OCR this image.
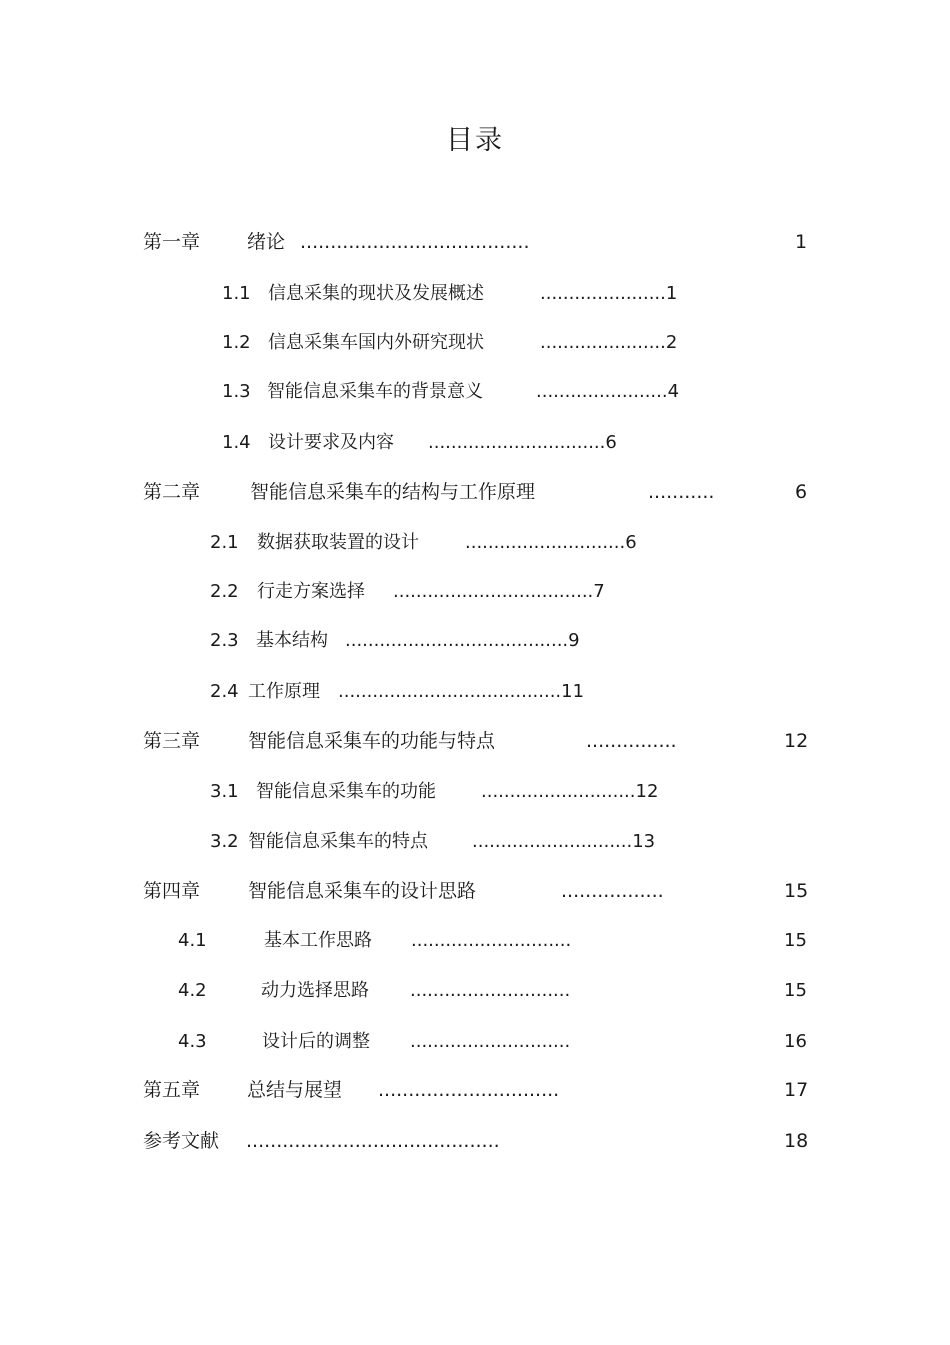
目录
第一章 绪论 ......................................	1
1.1 信息采集的现状及发展概述	......................1
1.2 信息采集车国内外研究现状	......................2
1.3 智能信息采集车的背景意义	.......................4
1.4 设计要求及内容 ...............................6
第二章	智能信息采集车的结构与工作原理	...........	6
2.1 数据获取装置的设计	............................6
2.2 行走方案选择 ...................................7
2.3 基本结构 .......................................9
2.4 工作原理 .......................................11
第三章	智能信息采集车的功能与特点	...............	12
3.1 智能信息采集车的功能	...........................12
3.2 智能信息采集车的特点 ............................13
第四章	智能信息采集车的设计思路	.................	15
4.1	基本工作思路 ............................	15
4.2	动力选择思路 ............................	15
4.3	设计后的调整 ............................	16
第五章 总结与展望 ..............................	17
参考文献 ..........................................	18
